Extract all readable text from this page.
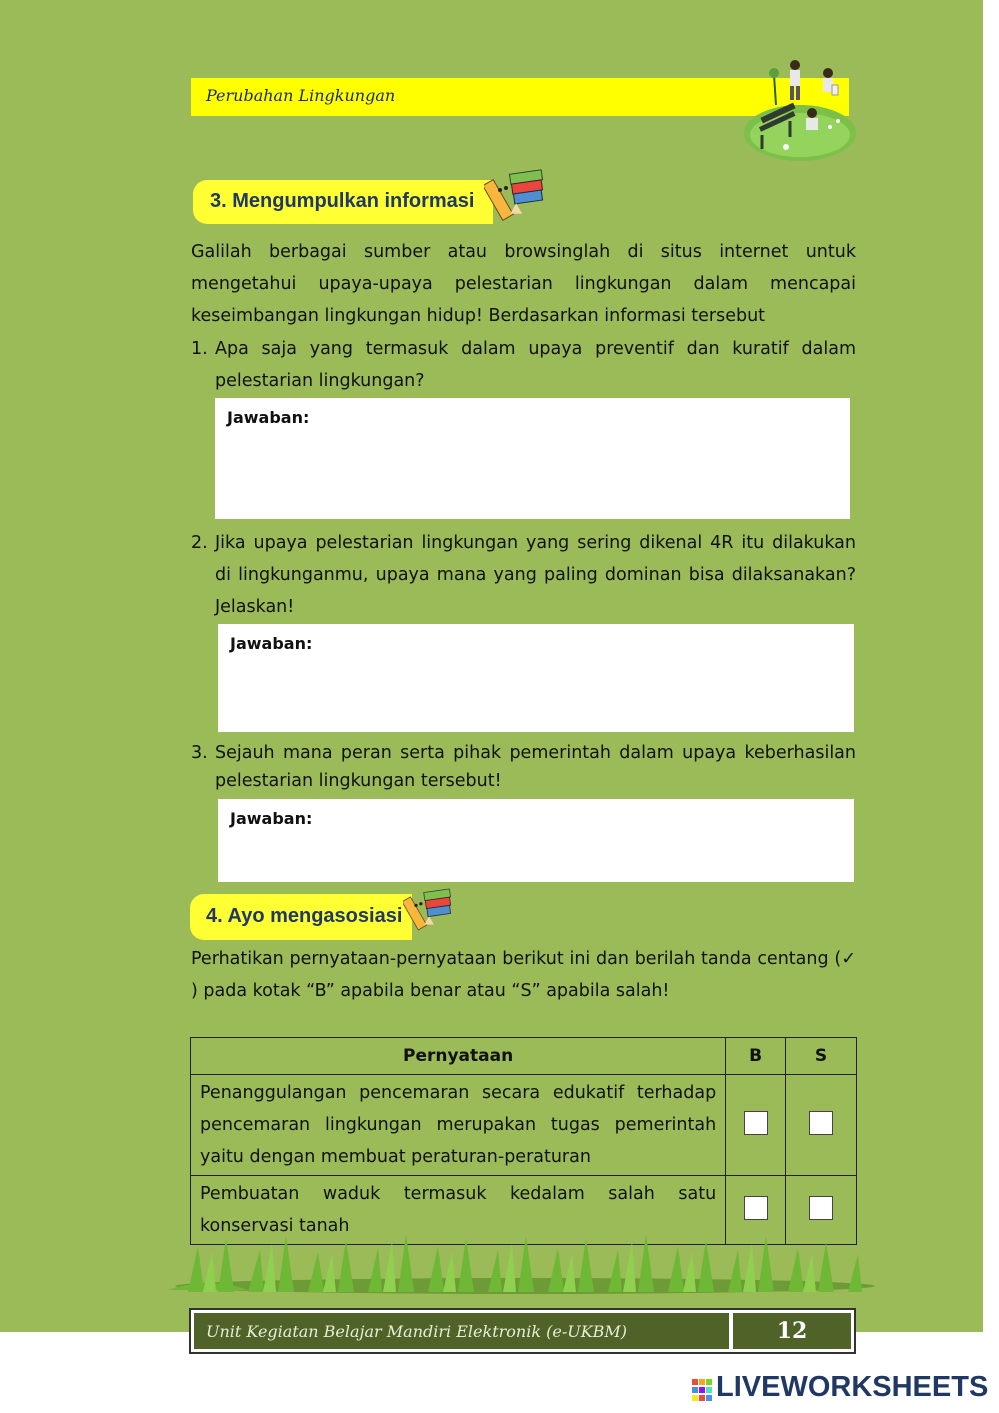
Perubahan Lingkungan
3. Mengumpulkan informasi
Galilah berbagai sumber atau browsinglah di situs internet untuk mengetahui upaya-upaya pelestarian lingkungan dalam mencapai keseimbangan lingkungan hidup! Berdasarkan informasi tersebut
1. Apa saja yang termasuk dalam upaya preventif dan kuratif dalam pelestarian lingkungan?
Jawaban:
2. Jika upaya pelestarian lingkungan yang sering dikenal 4R itu dilakukan di lingkunganmu, upaya mana yang paling dominan bisa dilaksanakan? Jelaskan!
Jawaban:
3. Sejauh mana peran serta pihak pemerintah dalam upaya keberhasilan pelestarian lingkungan tersebut!
Jawaban:
4. Ayo mengasosiasi
Perhatikan pernyataan-pernyataan berikut ini dan berilah tanda centang (✓ ) pada kotak “B” apabila benar atau “S” apabila salah!
Pernyataan	B	S
Penanggulangan pencemaran secara edukatif terhadap pencemaran lingkungan merupakan tugas pemerintah yaitu dengan membuat peraturan-peraturan		
Pembuatan waduk termasuk kedalam salah satu konservasi tanah		
Unit Kegiatan Belajar Mandiri Elektronik (e-UKBM)	12
LIVEWORKSHEETS
